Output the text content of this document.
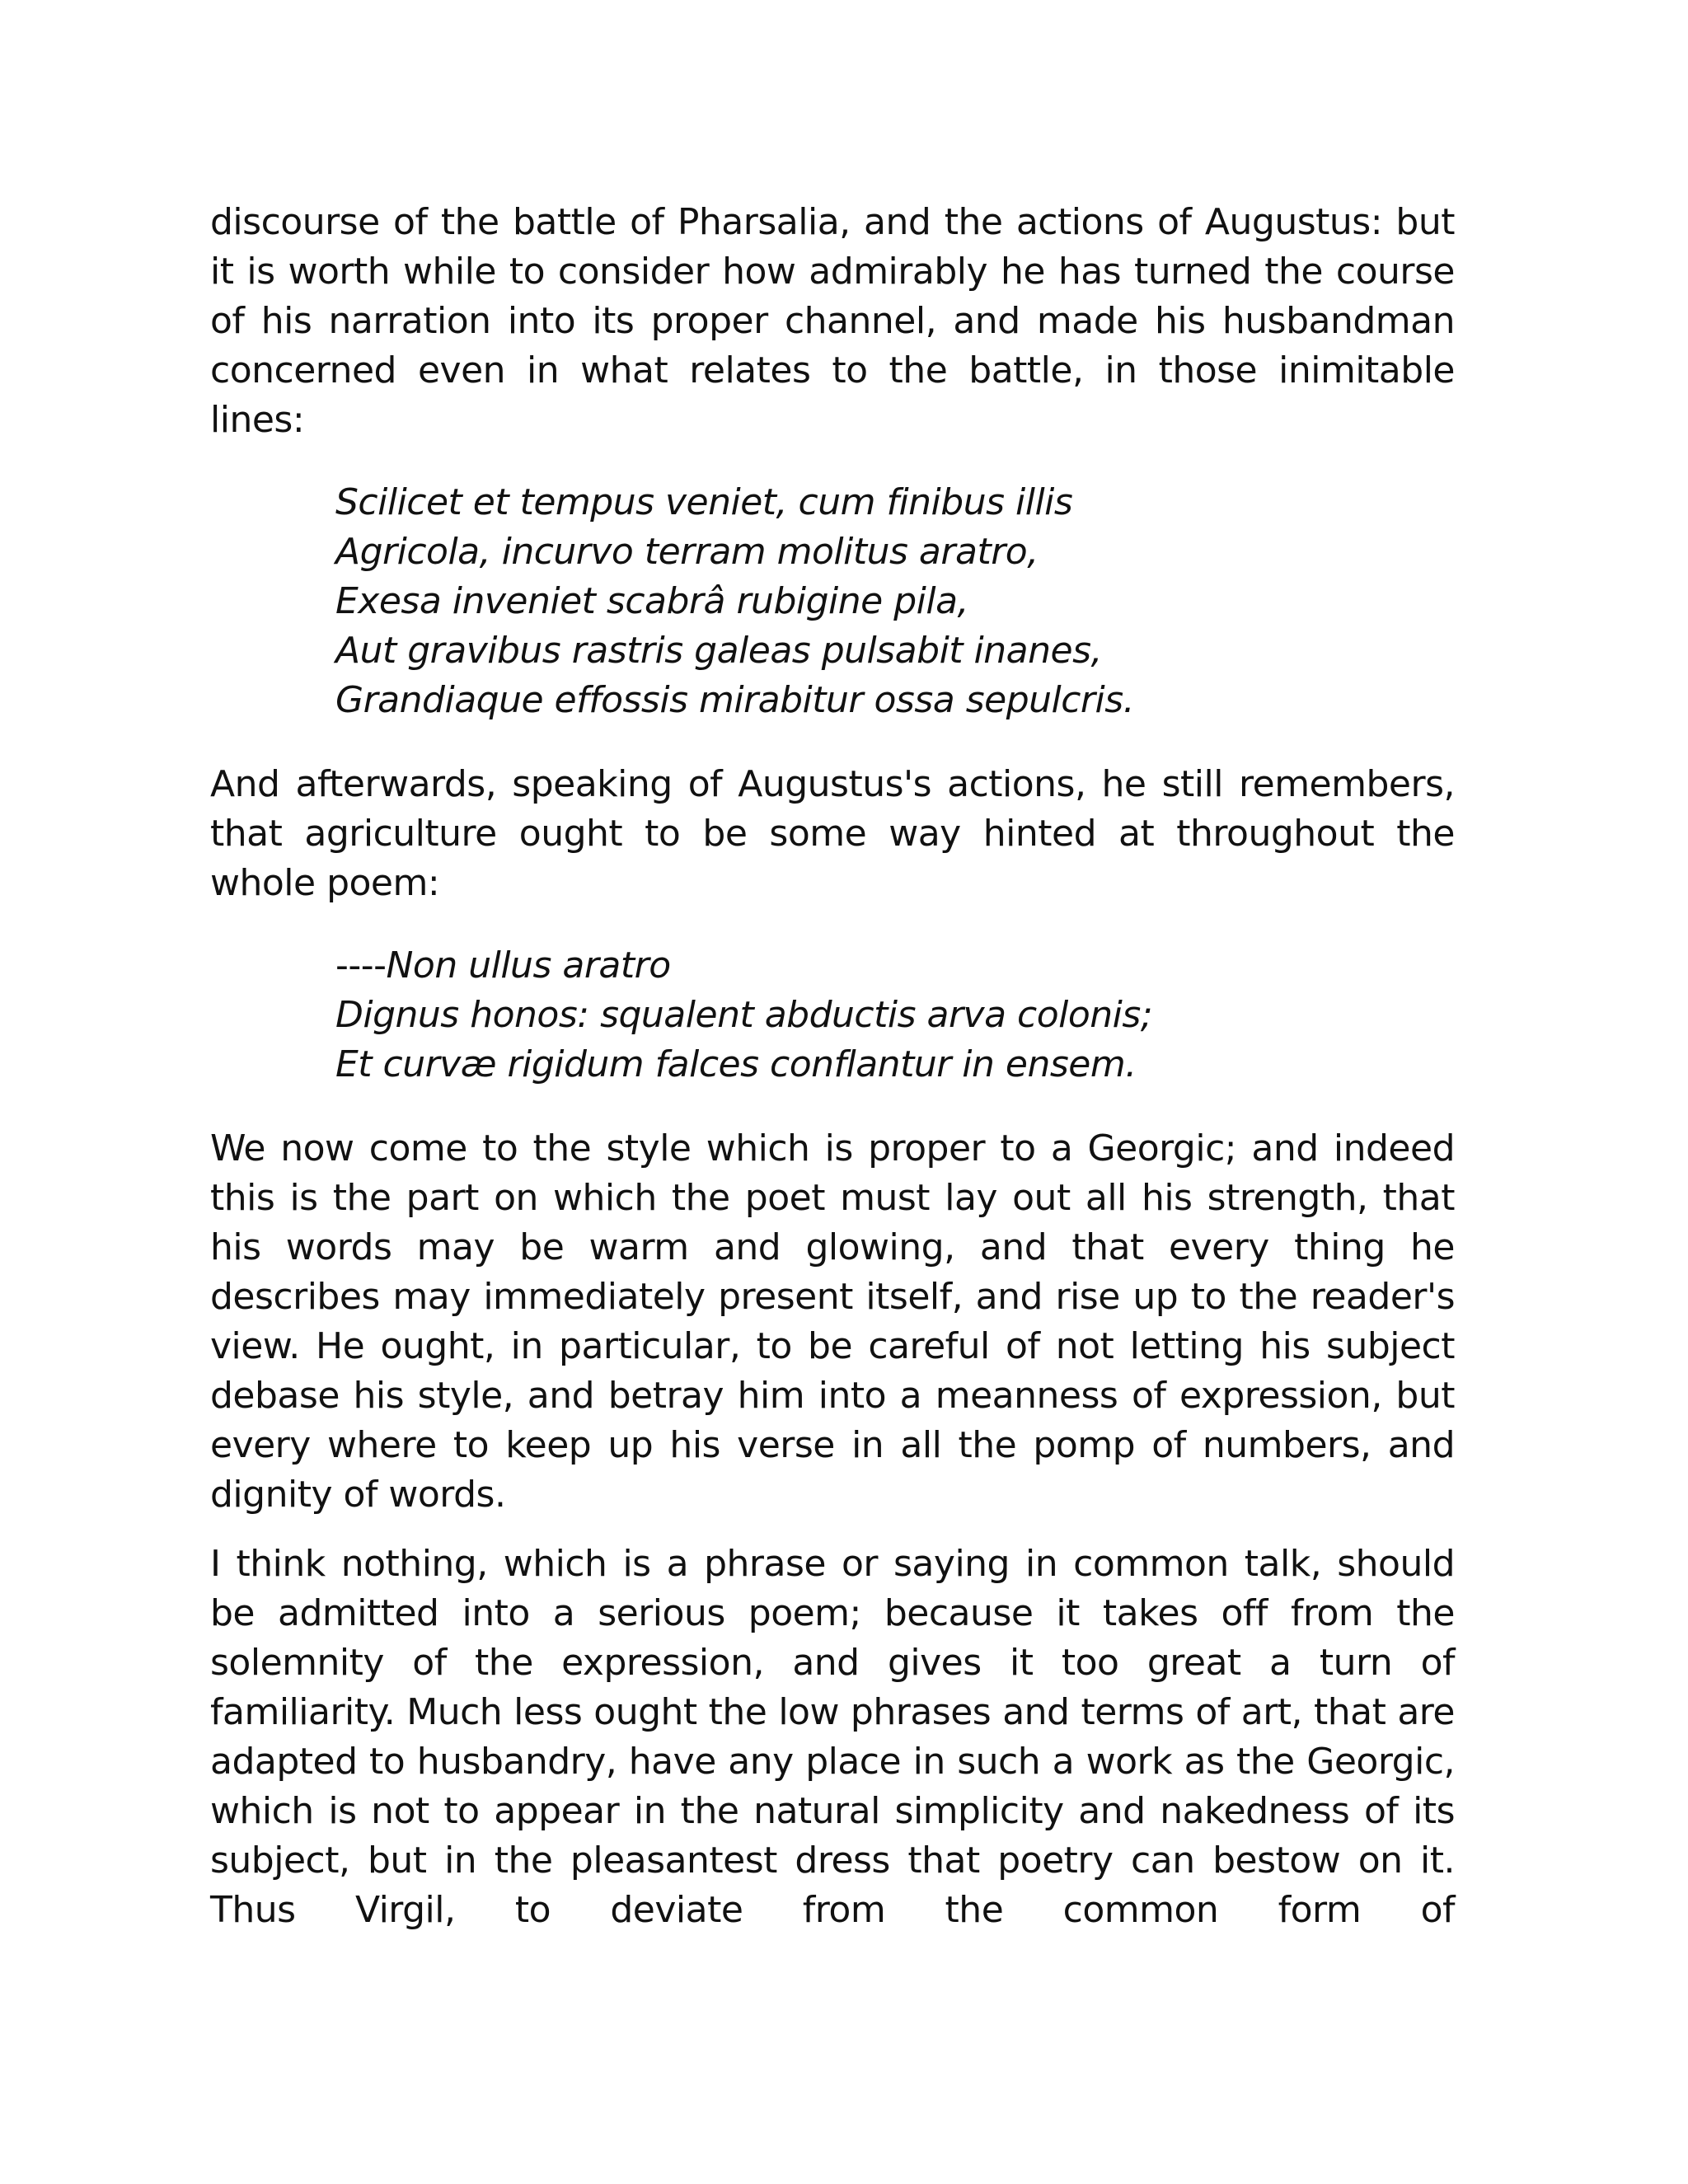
discourse of the battle of Pharsalia, and the actions of Augustus: but it is worth while to consider how admirably he has turned the course of his narration into its proper channel, and made his husbandman concerned even in what relates to the battle, in those inimitable lines:

Scilicet et tempus veniet, cum finibus illis
Agricola, incurvo terram molitus aratro,
Exesa inveniet scabrâ rubigine pila,
Aut gravibus rastris galeas pulsabit inanes,
Grandiaque effossis mirabitur ossa sepulcris.

And afterwards, speaking of Augustus's actions, he still remembers, that agriculture ought to be some way hinted at throughout the whole poem:

----Non ullus aratro
Dignus honos: squalent abductis arva colonis;
Et curvæ rigidum falces conflantur in ensem.

We now come to the style which is proper to a Georgic; and indeed this is the part on which the poet must lay out all his strength, that his words may be warm and glowing, and that every thing he describes may immediately present itself, and rise up to the reader's view. He ought, in particular, to be careful of not letting his subject debase his style, and betray him into a meanness of expression, but every where to keep up his verse in all the pomp of numbers, and dignity of words.

I think nothing, which is a phrase or saying in common talk, should be admitted into a serious poem; because it takes off from the solemnity of the expression, and gives it too great a turn of familiarity. Much less ought the low phrases and terms of art, that are adapted to husbandry, have any place in such a work as the Georgic, which is not to appear in the natural simplicity and nakedness of its subject, but in the pleasantest dress that poetry can bestow on it. Thus Virgil, to deviate from the common form of
